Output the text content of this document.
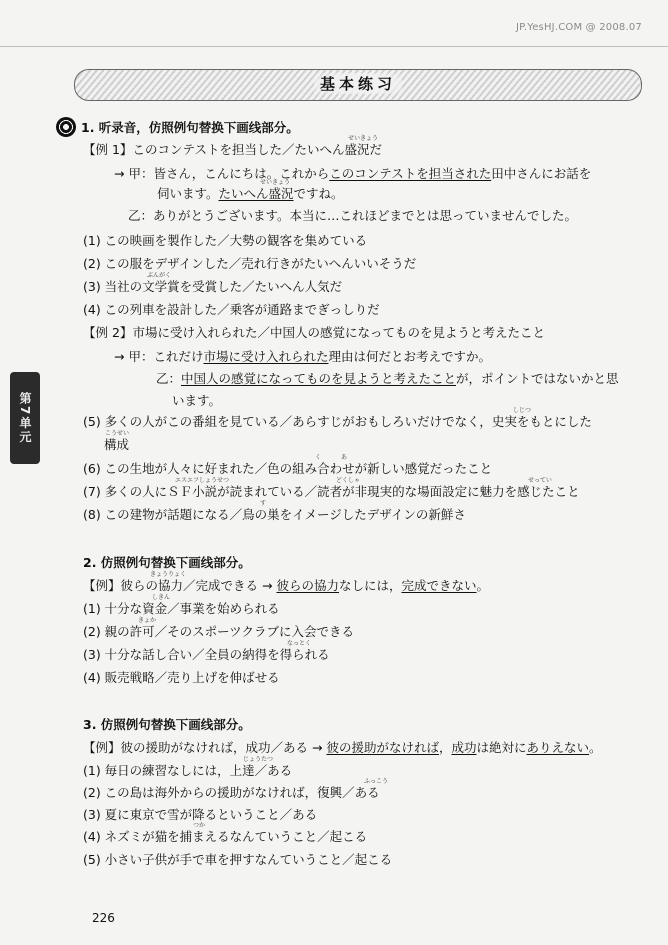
JP.YesHJ.COM @ 2008.07
基本练习
第7单元
1. 听录音，仿照例句替换下画线部分。
せいきょう
【例 1】このコンテストを担当した／たいへん盛況だ
→ 甲：皆さん，こんにちは。これからこのコンテストを担当された田中さんにお話を
せいきょう
伺います。たいへん盛況ですね。
乙：ありがとうございます。本当に…これほどまでとは思っていませんでした。
(1) この映画を製作した／大勢の観客を集めている
(2) この服をデザインした／売れ行きがたいへんいいそうだ
ぶんがく
(3) 当社の文学賞を受賞した／たいへん人気だ
(4) この列車を設計した／乗客が通路までぎっしりだ
【例 2】市場に受け入れられた／中国人の感覚になってものを見ようと考えたこと
→ 甲：これだけ市場に受け入れられた理由は何だとお考えですか。
乙：中国人の感覚になってものを見ようと考えたことが，ポイントではないかと思
います。
しじつ
(5) 多くの人がこの番組を見ている／あらすじがおもしろいだけでなく，史実をもとにした
こうせい
構成
く	あ
(6) この生地が人々に好まれた／色の組み合わせが新しい感覚だったこと
エスエフしょうせつ	どくしゃ	せってい
(7) 多くの人にＳＦ小説が読まれている／読者が非現実的な場面設定に魅力を感じたこと
す
(8) この建物が話題になる／鳥の巣をイメージしたデザインの新鮮さ
2. 仿照例句替换下画线部分。
きょうりょく
【例】彼らの協力／完成できる → 彼らの協力なしには，完成できない。
しきん
(1) 十分な資金／事業を始められる
きょか
(2) 親の許可／そのスポーツクラブに入会できる
なっとく
(3) 十分な話し合い／全員の納得を得られる
(4) 販売戦略／売り上げを伸ばせる
3. 仿照例句替换下画线部分。
【例】彼の援助がなければ，成功／ある → 彼の援助がなければ，成功は絶対にありえない。
じょうたつ
(1) 毎日の練習なしには，上達／ある
ふっこう
(2) この島は海外からの援助がなければ，復興／ある
(3) 夏に東京で雪が降るということ／ある
つか
(4) ネズミが猫を捕まえるなんていうこと／起こる
(5) 小さい子供が手で車を押すなんていうこと／起こる
226
